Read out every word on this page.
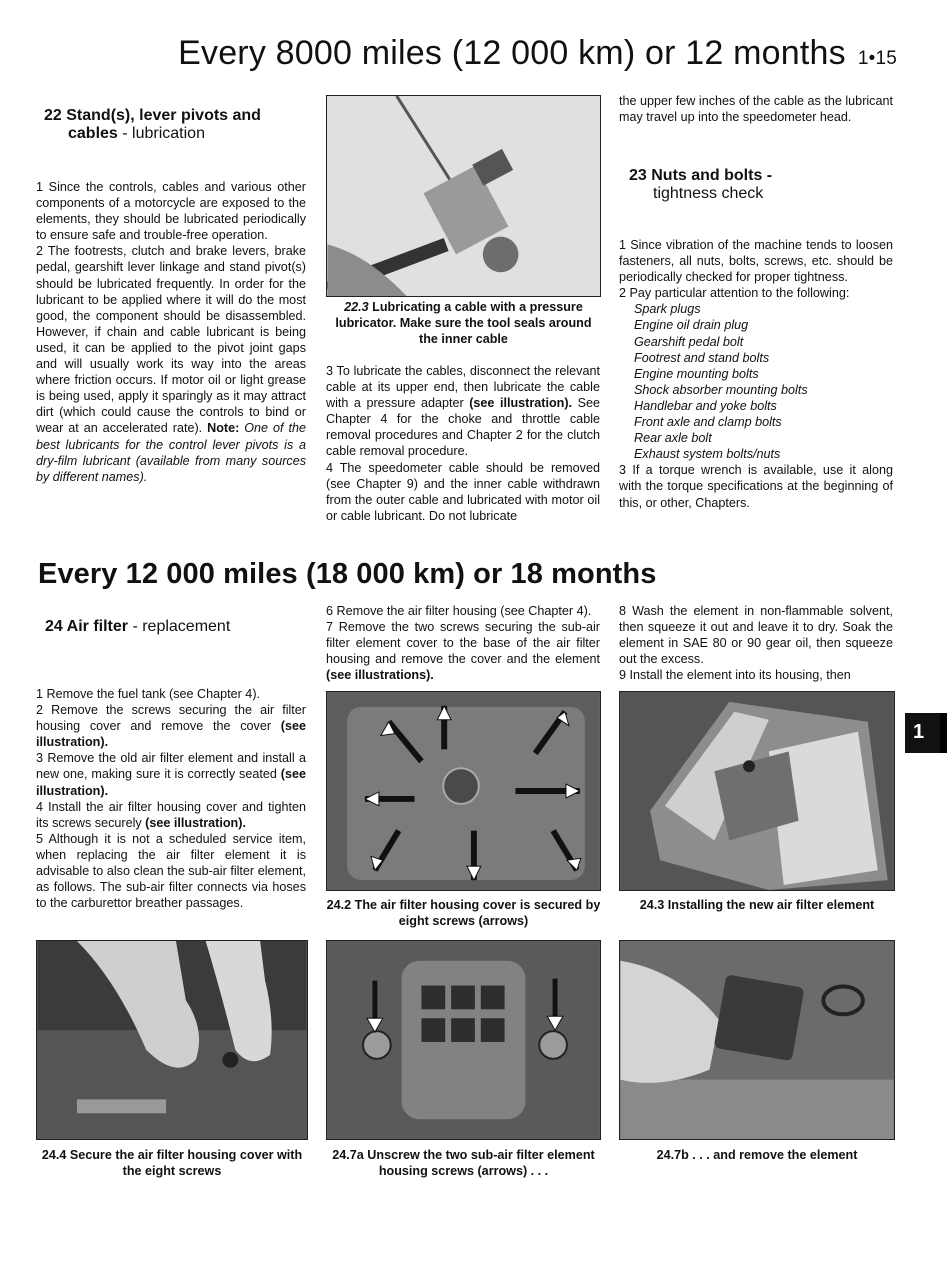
Every 8000 miles (12 000 km) or 12 months 1•15
Every 12 000 miles (18 000 km) or 18 months
1
22 Stand(s), lever pivots and
cables - lubrication

1 Since the controls, cables and various other components of a motorcycle are exposed to the elements, they should be lubricated periodically to ensure safe and trouble-free operation.

2 The footrests, clutch and brake levers, brake pedal, gearshift lever linkage and stand pivot(s) should be lubricated frequently. In order for the lubricant to be applied where it will do the most good, the component should be disassembled. However, if chain and cable lubricant is being used, it can be applied to the pivot joint gaps and will usually work its way into the areas where friction occurs. If motor oil or light grease is being used, apply it sparingly as it may attract dirt (which could cause the controls to bind or wear at an accelerated rate). Note: One of the best lubricants for the control lever pivots is a dry-film lubricant (available from many sources by different names).

22.3 Lubricating a cable with a pressure lubricator. Make sure the tool seals around the inner cable

3 To lubricate the cables, disconnect the relevant cable at its upper end, then lubricate the cable with a pressure adapter (see illustration). See Chapter 4 for the choke and throttle cable removal procedures and Chapter 2 for the clutch cable removal procedure.

4 The speedometer cable should be removed (see Chapter 9) and the inner cable withdrawn from the outer cable and lubricated with motor oil or cable lubricant. Do not lubricate

the upper few inches of the cable as the lubricant may travel up into the speedometer head.

23 Nuts and bolts -
tightness check

1 Since vibration of the machine tends to loosen fasteners, all nuts, bolts, screws, etc. should be periodically checked for proper tightness.

2 Pay particular attention to the following:

Spark plugs
Engine oil drain plug
Gearshift pedal bolt
Footrest and stand bolts
Engine mounting bolts
Shock absorber mounting bolts
Handlebar and yoke bolts
Front axle and clamp bolts
Rear axle bolt
Exhaust system bolts/nuts

3 If a torque wrench is available, use it along with the torque specifications at the beginning of this, or other, Chapters.

24 Air filter - replacement

1 Remove the fuel tank (see Chapter 4).

2 Remove the screws securing the air filter housing cover and remove the cover (see illustration).

3 Remove the old air filter element and install a new one, making sure it is correctly seated (see illustration).

4 Install the air filter housing cover and tighten its screws securely (see illustration).

5 Although it is not a scheduled service item, when replacing the air filter element it is advisable to also clean the sub-air filter element, as follows. The sub-air filter connects via hoses to the carburettor breather passages.

6 Remove the air filter housing (see Chapter 4).

7 Remove the two screws securing the sub-air filter element cover to the base of the air filter housing and remove the cover and the element (see illustrations).

8 Wash the element in non-flammable solvent, then squeeze it out and leave it to dry. Soak the element in SAE 80 or 90 gear oil, then squeeze out the excess.

9 Install the element into its housing, then

24.2 The air filter housing cover is secured by eight screws (arrows)
24.3 Installing the new air filter element
24.4 Secure the air filter housing cover with the eight screws
24.7a Unscrew the two sub-air filter element housing screws (arrows) . . .
24.7b . . . and remove the element
